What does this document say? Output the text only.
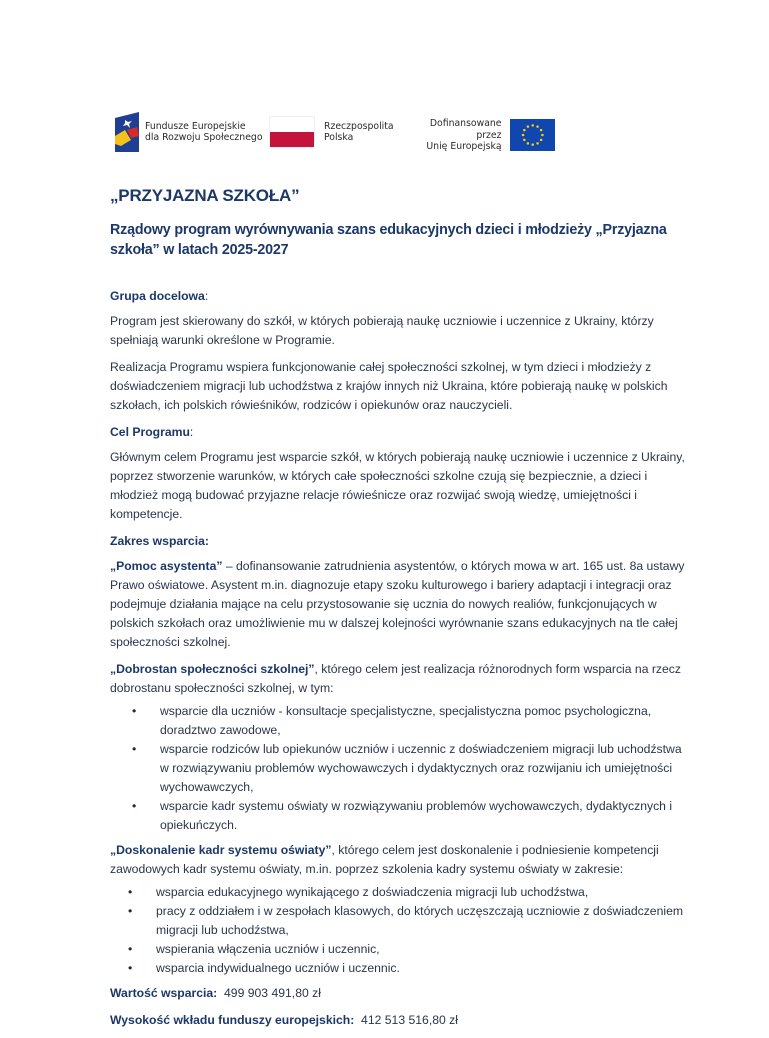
Fundusze Europejskie
dla Rozwoju Społecznego
Rzeczpospolita
Polska
Dofinansowane przez
Unię Europejską
„PRZYJAZNA SZKOŁA”
Rządowy program wyrównywania szans edukacyjnych dzieci i młodzieży „Przyjazna szkoła” w latach 2025-2027

Grupa docelowa:

Program jest skierowany do szkół, w których pobierają naukę uczniowie i uczennice z Ukrainy, którzy spełniają warunki określone w Programie.

Realizacja Programu wspiera funkcjonowanie całej społeczności szkolnej, w tym dzieci i młodzieży z doświadczeniem migracji lub uchodźstwa z krajów innych niż Ukraina, które pobierają naukę w polskich szkołach, ich polskich rówieśników, rodziców i opiekunów oraz nauczycieli.

Cel Programu:

Głównym celem Programu jest wsparcie szkół, w których pobierają naukę uczniowie i uczennice z Ukrainy, poprzez stworzenie warunków, w których całe społeczności szkolne czują się bezpiecznie, a dzieci i młodzież mogą budować przyjazne relacje rówieśnicze oraz rozwijać swoją wiedzę, umiejętności i kompetencje.

Zakres wsparcia:

„Pomoc asystenta” – dofinansowanie zatrudnienia asystentów, o których mowa w art. 165 ust. 8a ustawy Prawo oświatowe. Asystent m.in. diagnozuje etapy szoku kulturowego i bariery adaptacji i integracji oraz podejmuje działania mające na celu przystosowanie się ucznia do nowych realiów, funkcjonujących w polskich szkołach oraz umożliwienie mu w dalszej kolejności wyrównanie szans edukacyjnych na tle całej społeczności szkolnej.

„Dobrostan społeczności szkolnej”, którego celem jest realizacja różnorodnych form wsparcia na rzecz dobrostanu społeczności szkolnej, w tym:

• wsparcie dla uczniów - konsultacje specjalistyczne, specjalistyczna pomoc psychologiczna, doradztwo zawodowe,
• wsparcie rodziców lub opiekunów uczniów i uczennic z doświadczeniem migracji lub uchodźstwa w rozwiązywaniu problemów wychowawczych i dydaktycznych oraz rozwijaniu ich umiejętności wychowawczych,
• wsparcie kadr systemu oświaty w rozwiązywaniu problemów wychowawczych, dydaktycznych i opiekuńczych.

„Doskonalenie kadr systemu oświaty”, którego celem jest doskonalenie i podniesienie kompetencji zawodowych kadr systemu oświaty, m.in. poprzez szkolenia kadry systemu oświaty w zakresie:

• wsparcia edukacyjnego wynikającego z doświadczenia migracji lub uchodźstwa,
• pracy z oddziałem i w zespołach klasowych, do których uczęszczają uczniowie z doświadczeniem migracji lub uchodźstwa,
• wspierania włączenia uczniów i uczennic,
• wsparcia indywidualnego uczniów i uczennic.

Wartość wsparcia: 499 903 491,80 zł

Wysokość wkładu funduszy europejskich: 412 513 516,80 zł
